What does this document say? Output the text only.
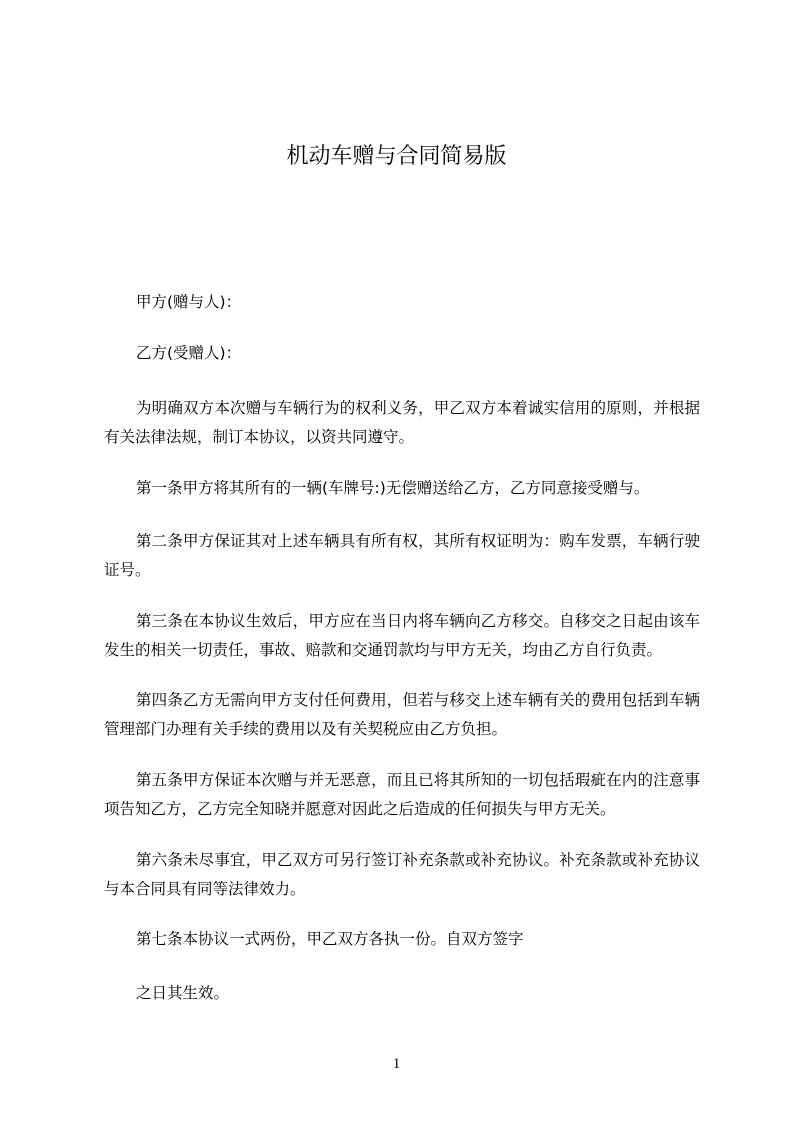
机动车赠与合同简易版

甲方(赠与人)：

乙方(受赠人)：

为明确双方本次赠与车辆行为的权利义务，甲乙双方本着诚实信用的原则，并根据有关法律法规，制订本协议，以资共同遵守。

第一条甲方将其所有的一辆(车牌号:)无偿赠送给乙方，乙方同意接受赠与。

第二条甲方保证其对上述车辆具有所有权，其所有权证明为：购车发票，车辆行驶证号。

第三条在本协议生效后，甲方应在当日内将车辆向乙方移交。自移交之日起由该车发生的相关一切责任，事故、赔款和交通罚款均与甲方无关，均由乙方自行负责。

第四条乙方无需向甲方支付任何费用，但若与移交上述车辆有关的费用包括到车辆管理部门办理有关手续的费用以及有关契税应由乙方负担。

第五条甲方保证本次赠与并无恶意，而且已将其所知的一切包括瑕疵在内的注意事项告知乙方，乙方完全知晓并愿意对因此之后造成的任何损失与甲方无关。

第六条未尽事宜，甲乙双方可另行签订补充条款或补充协议。补充条款或补充协议与本合同具有同等法律效力。

第七条本协议一式两份，甲乙双方各执一份。自双方签字

之日其生效。

1
